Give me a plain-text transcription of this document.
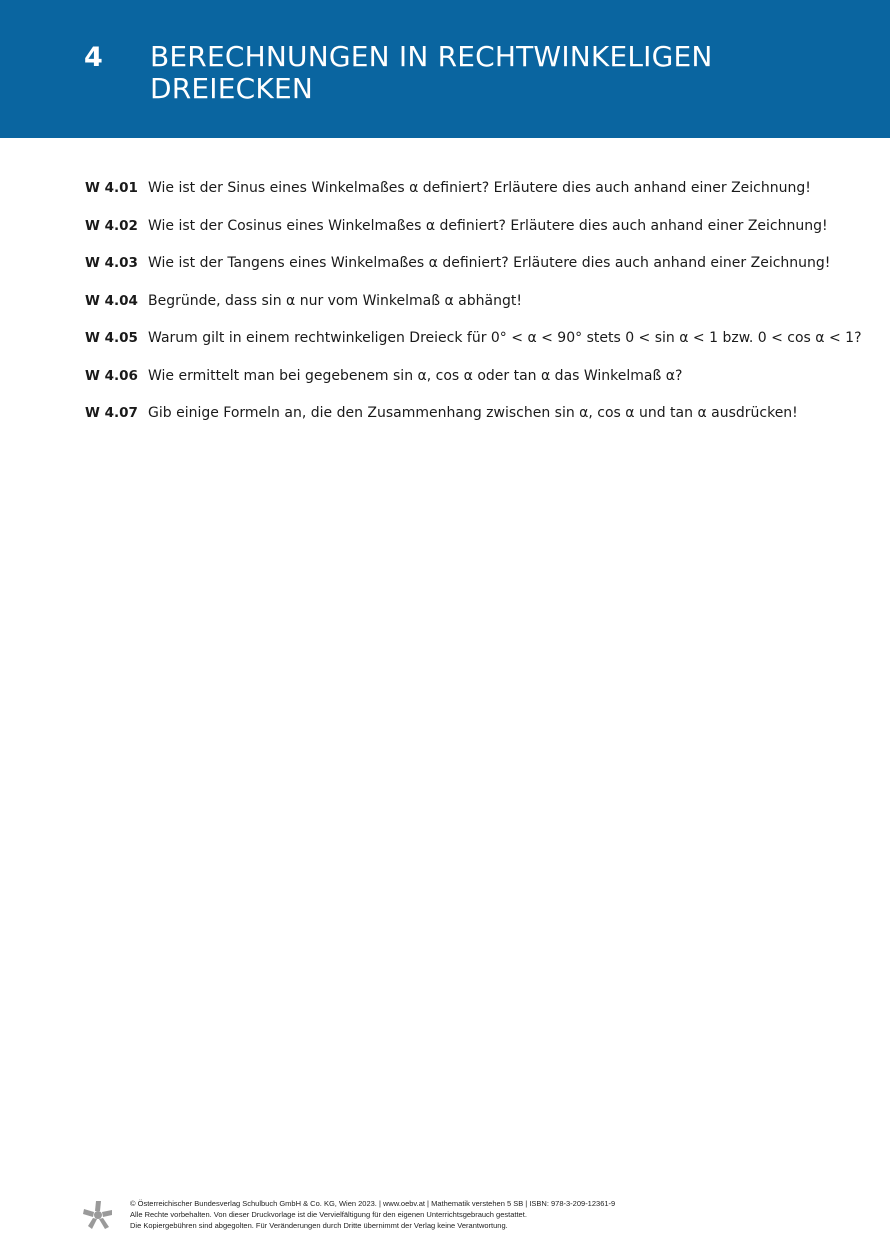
4 BERECHNUNGEN IN RECHTWINKELIGEN
DREIECKEN
W 4.01 Wie ist der Sinus eines Winkelmaßes α definiert? Erläutere dies auch anhand einer Zeichnung!
W 4.02 Wie ist der Cosinus eines Winkelmaßes α definiert? Erläutere dies auch anhand einer Zeichnung!
W 4.03 Wie ist der Tangens eines Winkelmaßes α definiert? Erläutere dies auch anhand einer Zeichnung!
W 4.04 Begründe, dass sin α nur vom Winkelmaß α abhängt!
W 4.05 Warum gilt in einem rechtwinkeligen Dreieck für 0° < α < 90° stets 0 < sin α < 1 bzw. 0 < cos α < 1?
W 4.06 Wie ermittelt man bei gegebenem sin α, cos α oder tan α das Winkelmaß α?
W 4.07 Gib einige Formeln an, die den Zusammenhang zwischen sin α, cos α und tan α ausdrücken!
© Österreichischer Bundesverlag Schulbuch GmbH & Co. KG, Wien 2023. | www.oebv.at | Mathematik verstehen 5 SB | ISBN: 978-3-209-12361-9
Alle Rechte vorbehalten. Von dieser Druckvorlage ist die Vervielfältigung für den eigenen Unterrichtsgebrauch gestattet.
Die Kopiergebühren sind abgegolten. Für Veränderungen durch Dritte übernimmt der Verlag keine Verantwortung.
